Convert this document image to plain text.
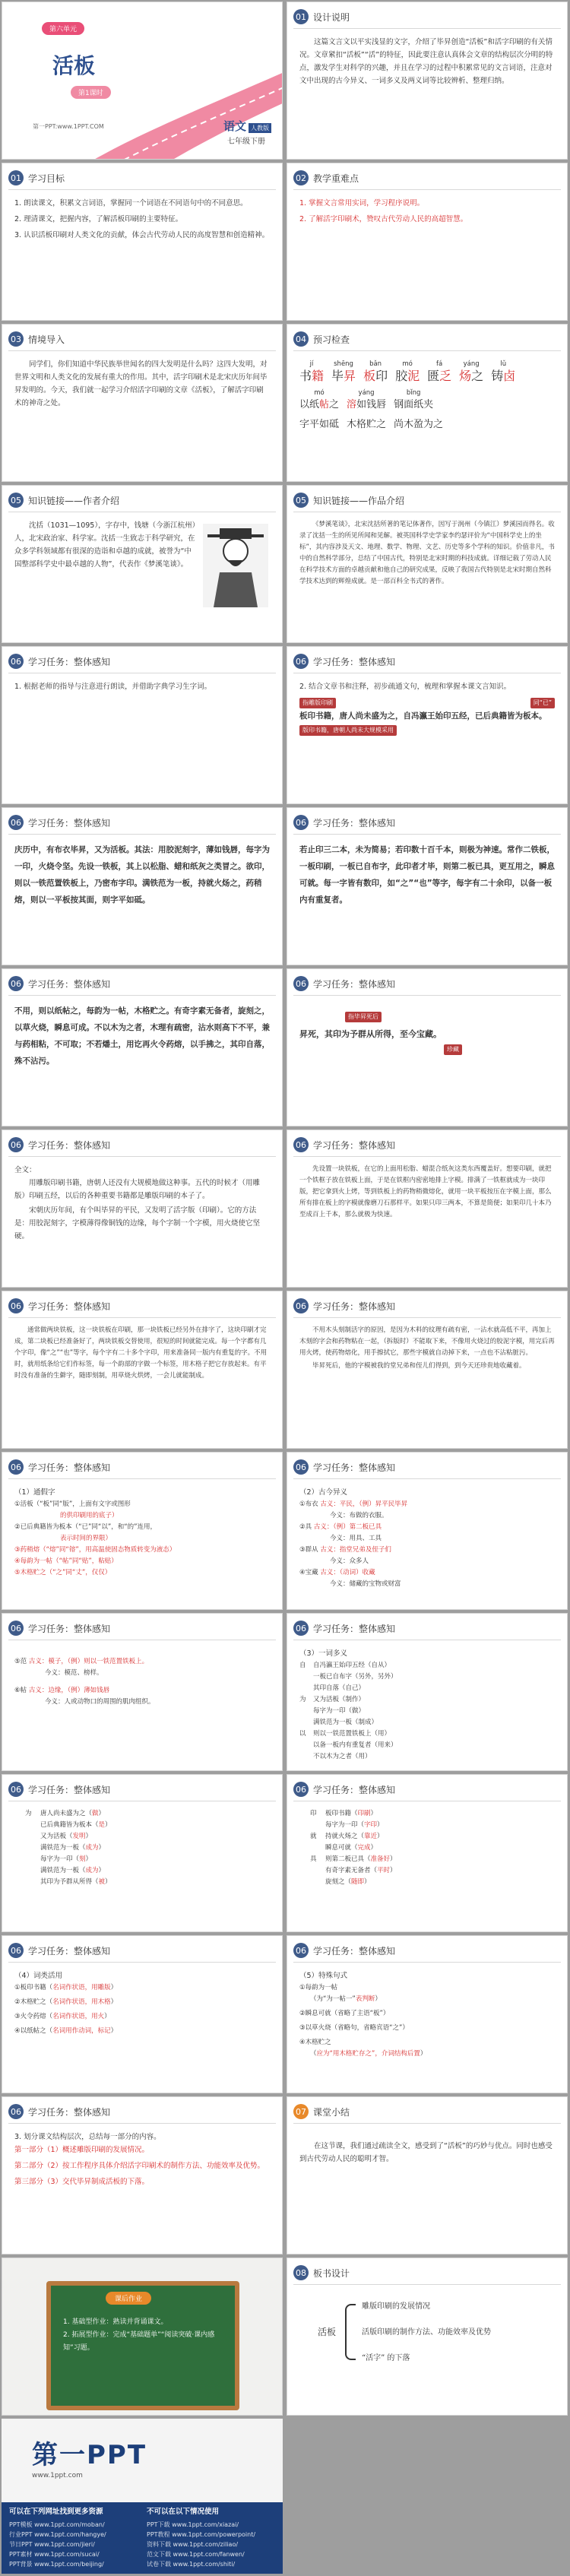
第六单元
活板
第1课时
第一PPT:www.1PPT.COM	语文 人教版
七年级下册
01 设计说明

这篇文言文以平实浅显的文字，介绍了毕昇创造“活板”和活字印刷的有关情况。文章紧扣“活板”“活”的特征，因此要注意认真体会文章的结构层次分明的特点，激发学生对科学的兴趣，并且在学习的过程中积累常见的文言词语，注意对文中出现的古今异义、一词多义及两义词等比较辨析、整理归纳。

01 学习目标
1. 朗读课文，积累文言词语，掌握同一个词语在不同语句中的不同意思。
2. 理清课文，把握内容，了解活板印刷的主要特征。
3. 认识活板印刷对人类文化的贡献，体会古代劳动人民的高度智慧和创造精神。
02 教学重难点
1. 掌握文言常用实词，学习程序说明。
2. 了解活字印刷术，赞叹古代劳动人民的高超智慧。
03 情境导入

同学们，你们知道中华民族举世闻名的四大发明是什么吗？这四大发明，对世界文明和人类文化的发展有重大的作用。其中，活字印刷术是北宋庆历年间毕昇发明的。今天，我们就一起学习介绍活字印刷的文章《活板》，了解活字印刷术的神奇之处。

04 预习检查
jí
书籍
shēng
毕昇
bǎn
板印
mó
胶泥
fá
匮乏
yáng
炀之
lǔ
铸卤
mó
以纸帖之
yáng
溶如钱唇
bǐng
钢面纸夹
字平如砥 木格贮之 尚木盈为之
05 知识链接——作者介绍

沈括（1031—1095），字存中，钱塘（今浙江杭州）人，北宋政治家、科学家。沈括一生致志于科学研究，在众多学科领域都有很深的造诣和卓越的成就，被誉为“中国整部科学史中最卓越的人物”，代表作《梦溪笔谈》。

05 知识链接——作品介绍

《梦溪笔谈》，北宋沈括所著的笔记体著作，因写于润州（今镇江）梦溪园而得名。收录了沈括一生的所见所闻和见解。被英国科学史学家李约瑟评价为“中国科学史上的坐标”，其内容涉及天文、地理、数学、物理、文艺、历史等多个学科的知识。价值非凡，书中的自然科学部分，总结了中国古代，特别是北宋时期的科技成就。详细记载了劳动人民在科学技术方面的卓越贡献和他自己的研究成果，反映了我国古代特别是北宋时期自然科学技术达到的辉煌成就。是一部百科全书式的著作。

06 学习任务：整体感知
1. 根据老师的指导与注意进行朗读，并借助字典学习生字词。
06 学习任务：整体感知
2. 结合文章书和注释，初步疏通文句，梳理和掌握本课文言知识。
指雕版印刷	同“已”
板印书籍，唐人尚未盛为之，自冯瀛王始印五经，已后典籍皆为板本。
版印书籍，唐朝人尚未大规模采用
06 学习任务：整体感知
庆历中，有布衣毕昇，又为活板。其法：用胶泥刻字，薄如钱唇，每字为一印，火烧令坚。先设一铁板，其上以松脂、蜡和纸灰之类冒之。欲印，则以一铁范置铁板上，乃密布字印。满铁范为一板，持就火炀之，药稍熔，则以一平板按其面，则字平如砥。
06 学习任务：整体感知
若止印三二本，未为简易；若印数十百千本，则极为神速。常作二铁板，一板印刷，一板已自布字，此印者才毕，则第二板已具，更互用之，瞬息可就。每一字皆有数印，如“之”“也”等字，每字有二十余印，以备一板内有重复者。
06 学习任务：整体感知
不用，则以纸帖之，每韵为一帖，木格贮之。有奇字素无备者，旋刻之，以草火烧，瞬息可成。不以木为之者，木理有疏密，沾水则高下不平，兼与药相粘，不可取；不若燔土，用讫再火令药熔，以手拂之，其印自落，殊不沾污。
06 学习任务：整体感知
指毕昇死后
昇死，其印为予群从所得，至今宝藏。
珍藏
06 学习任务：整体感知
全文：

用雕版印刷书籍，唐朝人还没有大规模地做这种事。五代的时候才（用雕版）印刷五经，以后的各种重要书籍都是雕版印刷的本子了。

宋朝庆历年间，有个叫毕昇的平民，又发明了活字版（印刷）。它的方法是：用胶泥刻字，字模薄得像铜钱的边缘，每个字制一个字模，用火烧使它坚硬。

06 学习任务：整体感知

先设置一块铁板，在它的上面用松脂、蜡混合纸灰这类东西覆盖好。想要印刷，就把一个铁框子放在铁板上面，于是在铁框内密密地排上字模。排满了一铁框就成为一块印版，把它拿到火上烤，等到铁板上的药物稍微熔化，就用一块平板按压在字模上面，那么所有排在板上的字模就像磨刀石那样平。如果只印三两本，不算是简便；如果印几十本乃至成百上千本，那么就极为快速。

06 学习任务：整体感知

通常做两块铁板，这一块铁板在印刷，那一块铁板已经另外在排字了，这块印刷才完成，第二块板已经准备好了，两块铁板交替使用，很短的时间就能完成。每一个字都有几个字印，像“之”“也”等字，每个字有二十多个字印，用来准备同一版内有重复的字。不用时，就用纸条给它们作标签，每一个韵部的字做一个标签，用木格子把它存放起来。有平时没有准备的生僻字，随即刻制，用草烧火烘烤，一会儿就能制成。

06 学习任务：整体感知

不用木头刻制活字的原因，是因为木料的纹理有疏有密，一沾水就高低不平，再加上木刻的字会和药物粘在一起，（拆版时）不能取下来，不像用火烧过的胶泥字模，用完后再用火烤，使药物熔化，用手擦拭它，那些字模就自动掉下来，一点也不沾粘脏污。

毕昇死后，他的字模被我的堂兄弟和侄儿们得到，到今天还珍贵地收藏着。

06 学习任务：整体感知
（1）通假字
①活板（“板”同“版”，上面有文字或图形
的供印刷用的底子）
②已后典籍皆为板本（“已”同“以”，和“的”连用，
表示时间的界限）
③药稍熔（“熔”同“镕”，用高温使固态物质转变为液态）
④每韵为一帖（“帖”同“贴”，粘贴）
⑤木格贮之（“之”同“丈”，仅仅）
06 学习任务：整体感知
（2）古今异义
①布衣 古义：平民，（例）昇平民毕昇
今义：布做的衣服。
②具 古义：（例）第二板已具
今义：用具、工具
③群从 古义：指堂兄弟及侄子们
今义：众多人
④宝藏 古义：（动词）收藏
今义：储藏的宝物或财富
06 学习任务：整体感知
⑤范 古义：模子，（例）则以一铁范置铁板上。
今义：模范、榜样。
⑥帖 古义：边缘，（例）薄如钱唇
今义：人或动物口的周围的肌肉组织。
06 学习任务：整体感知
（3）一词多义
自	自冯瀛王始印五经（自从）
一板已自布字（另外，另外）
其印自落（自己）
为	又为活板（制作）
每字为一印（做）
满铁范为一板（制成）
以	则以一铁范置铁板上（用）
以备一板内有重复者（用来）
不以木为之者（用）
06 学习任务：整体感知
为	唐人尚未盛为之（ 做 ）
已后典籍皆为板本（ 是 ）
又为活板（ 发明 ）
满铁范为一板（ 成为 ）
每字为一印（ 刻 ）
满铁范为一板（ 成为 ）
其印为予群从所得（ 被 ）
06 学习任务：整体感知
印	板印书籍（ 印刷 ）
每字为一印（ 字印 ）
就	持就火炀之（ 靠近 ）
瞬息可就（ 完成 ）
具	则第二板已具（ 准备好 ）
有奇字素无备者（ 平时 ）
旋刻之（ 随即 ）
06 学习任务：整体感知
（4）词类活用
①板印书籍（名词作状语，用雕版）
②木格贮之（名词作状语，用木格）
③火令药熔（名词作状语，用火）
④以纸帖之（名词用作动词，标记）
06 学习任务：整体感知
（5）特殊句式
①每韵为一帖
（为“为一帖一”表判断）
②瞬息可就（省略了主语“板”）
③以草火烧（省略句，省略宾语“之”）
④木格贮之
（应为“用木格贮存之”，介词结构后置）
06 学习任务：整体感知
3. 划分课文结构层次，总结每一部分的内容。
第一部分（1）概述雕版印刷的发展情况。
第二部分（2）按工作程序具体介绍活字印刷术的制作方法、功能效率及优势。
第三部分（3）交代毕昇制成活板的下落。
07 课堂小结

在这节课，我们通过疏读全文，感受到了“活板”的巧妙与优点。同时也感受到古代劳动人民的聪明才智。

08 板书设计
活板
雕版印刷的发展情况
活版印刷的制作方法、功能效率及优势
“活字” 的下落
课后作业
1. 基础型作业：熟读并背诵课文。
2. 拓展型作业：完成“基础题单”“阅读突破·课内感知”习题。
第一PPT
www.1ppt.com
可以在下列网址找到更多资源
PPT模板 www.1ppt.com/moban/
行业PPT www.1ppt.com/hangye/
节日PPT www.1ppt.com/jieri/
PPT素材 www.1ppt.com/sucai/
PPT背景 www.1ppt.com/beijing/
不可以在以下情况使用
PPT下载 www.1ppt.com/xiazai/
PPT教程 www.1ppt.com/powerpoint/
资料下载 www.1ppt.com/ziliao/
范文下载 www.1ppt.com/fanwen/
试卷下载 www.1ppt.com/shiti/
